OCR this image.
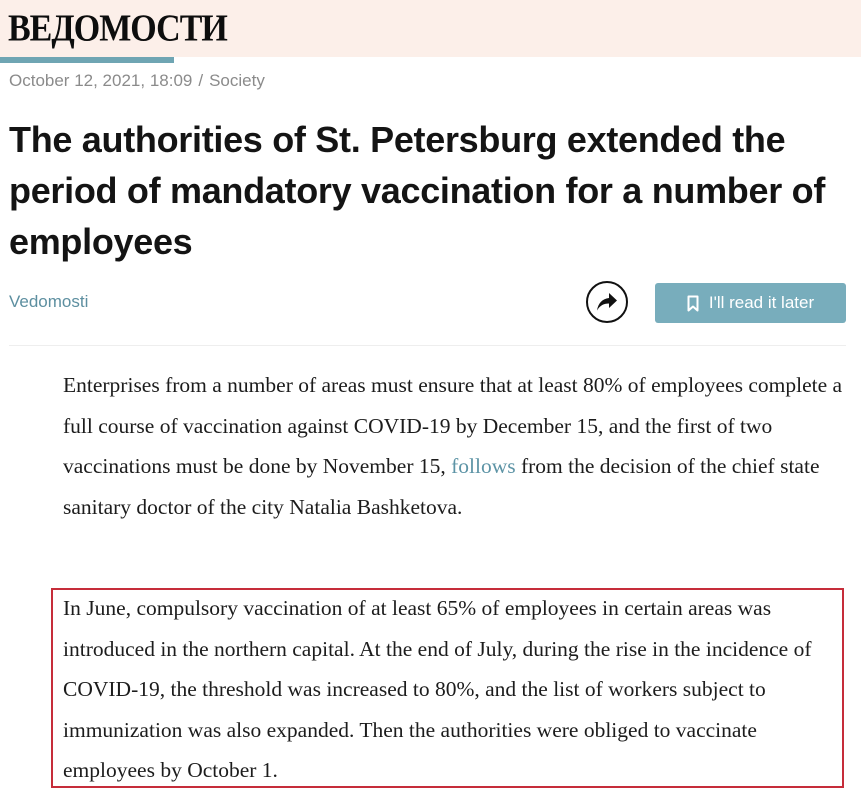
ВЕДОМОСТИ
October 12, 2021, 18:09 / Society
The authorities of St. Petersburg extended the period of mandatory vaccination for a number of employees
Vedomosti	I'll read it later

Enterprises from a number of areas must ensure that at least 80% of employees complete a full course of vaccination against COVID-19 by December 15, and the first of two vaccinations must be done by November 15, follows from the decision of the chief state sanitary doctor of the city Natalia Bashketova.

In June, compulsory vaccination of at least 65% of employees in certain areas was introduced in the northern capital. At the end of July, during the rise in the incidence of COVID-19, the threshold was increased to 80%, and the list of workers subject to immunization was also expanded. Then the authorities were obliged to vaccinate employees by October 1.
